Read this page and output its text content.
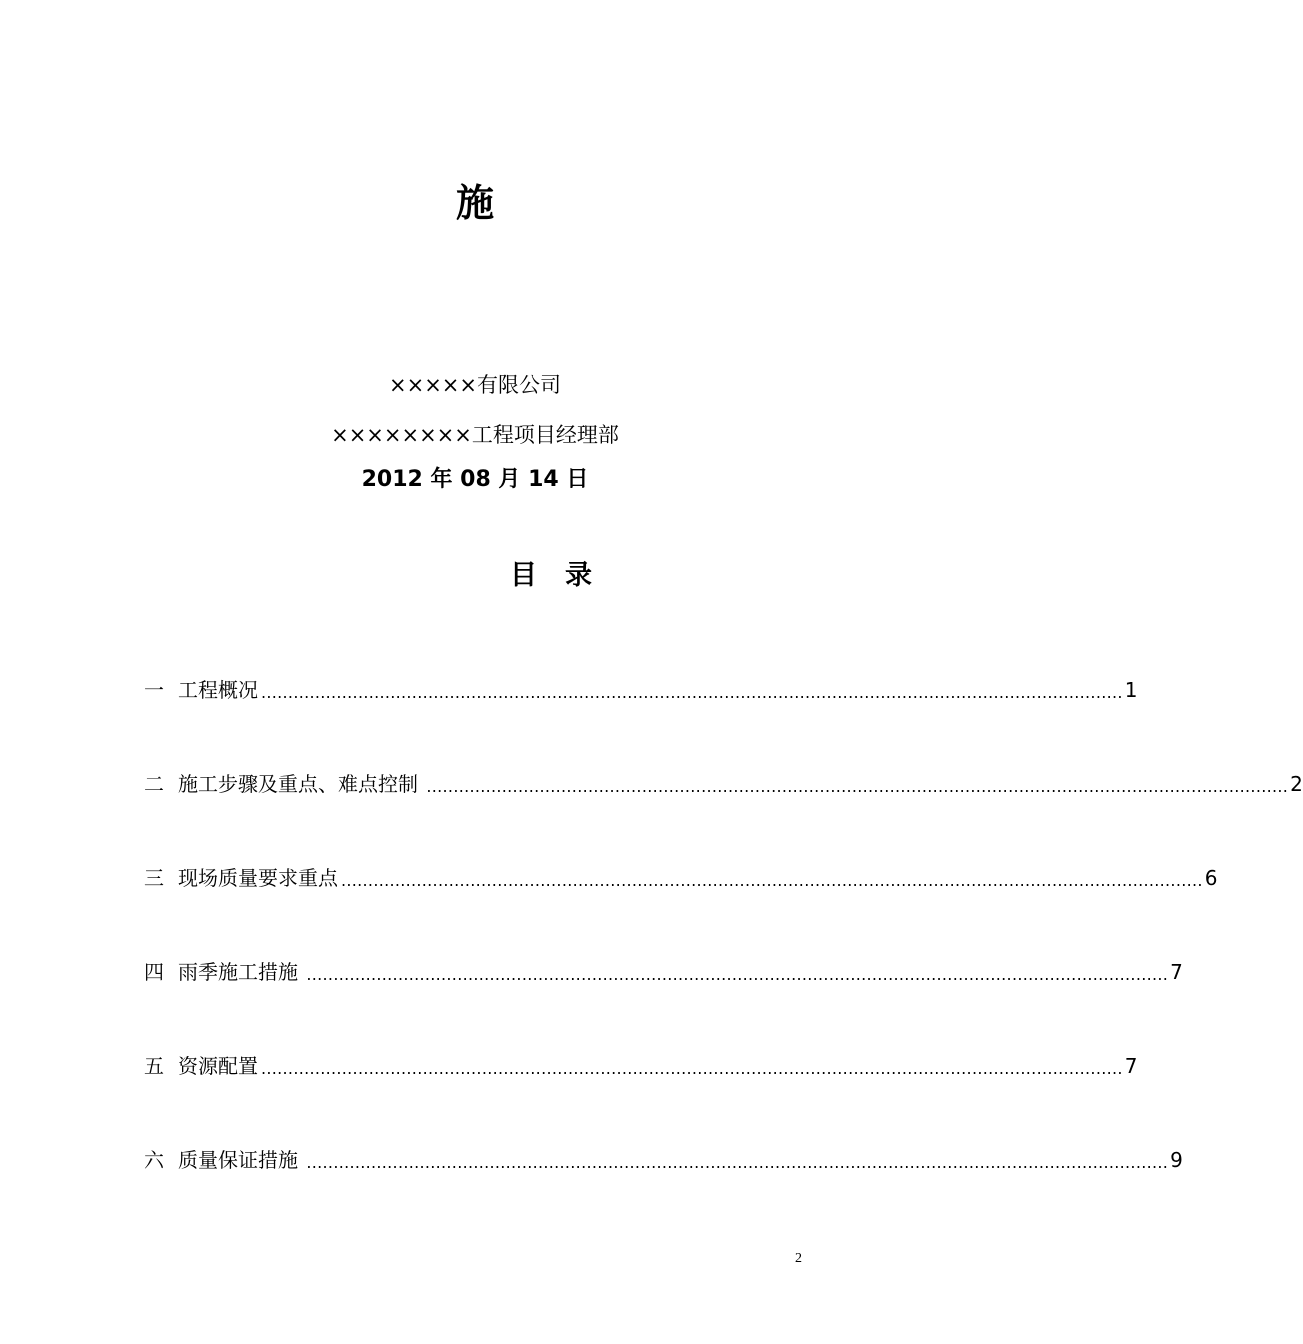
施
×××××有限公司
××××××××工程项目经理部
2012 年 08 月 14 日
目录
一 工程概况 ................................................................................................................................................................ 1
二 施工步骤及重点、难点控制 ................................................................................................................................................................ 2
三 现场质量要求重点 ................................................................................................................................................................ 6
四 雨季施工措施 ................................................................................................................................................................ 7
五 资源配置 ................................................................................................................................................................ 7
六 质量保证措施 ................................................................................................................................................................ 9
2
